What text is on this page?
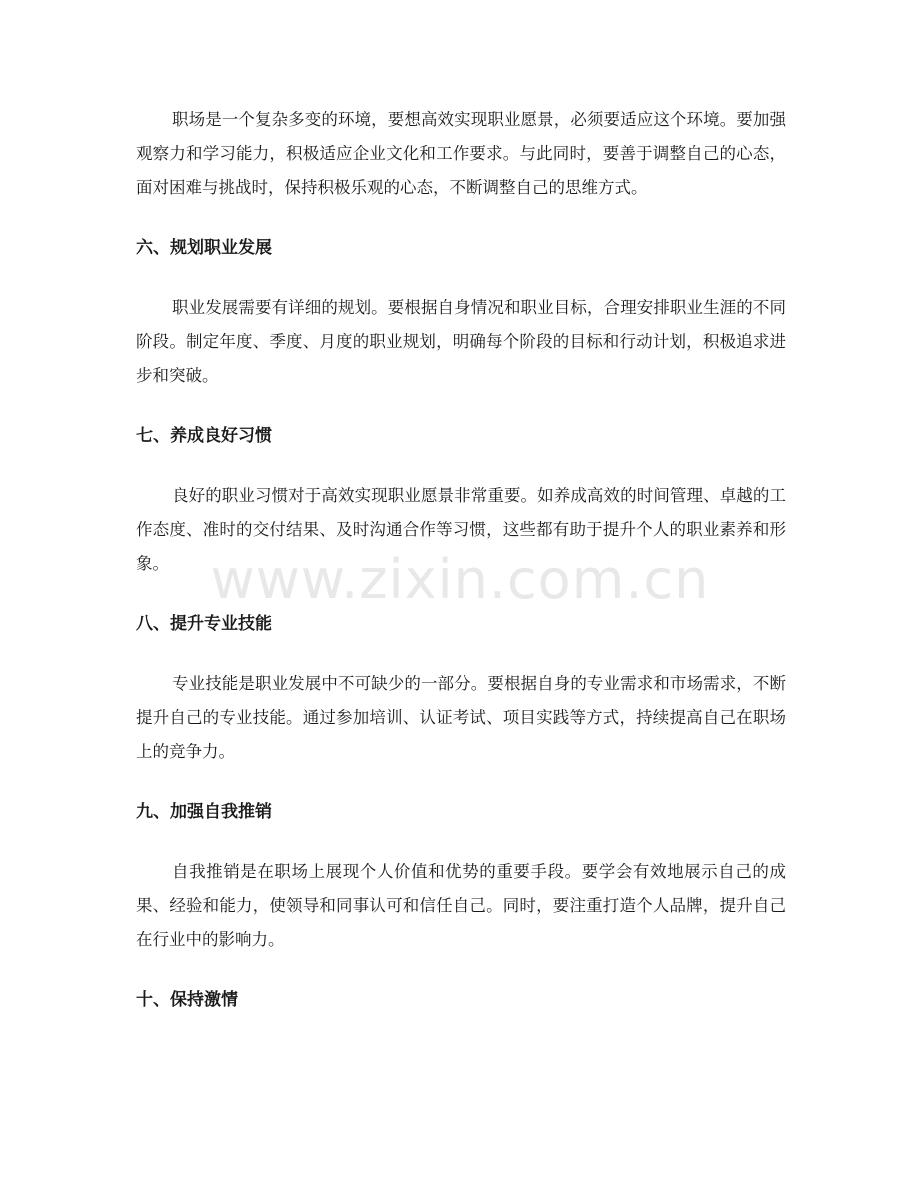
职场是一个复杂多变的环境，要想高效实现职业愿景，必须要适应这个环境。要加强观察力和学习能力，积极适应企业文化和工作要求。与此同时，要善于调整自己的心态，面对困难与挑战时，保持积极乐观的心态，不断调整自己的思维方式。

六、规划职业发展

职业发展需要有详细的规划。要根据自身情况和职业目标，合理安排职业生涯的不同阶段。制定年度、季度、月度的职业规划，明确每个阶段的目标和行动计划，积极追求进步和突破。

七、养成良好习惯

良好的职业习惯对于高效实现职业愿景非常重要。如养成高效的时间管理、卓越的工作态度、准时的交付结果、及时沟通合作等习惯，这些都有助于提升个人的职业素养和形象。

八、提升专业技能

专业技能是职业发展中不可缺少的一部分。要根据自身的专业需求和市场需求，不断提升自己的专业技能。通过参加培训、认证考试、项目实践等方式，持续提高自己在职场上的竞争力。

九、加强自我推销

自我推销是在职场上展现个人价值和优势的重要手段。要学会有效地展示自己的成果、经验和能力，使领导和同事认可和信任自己。同时，要注重打造个人品牌，提升自己在行业中的影响力。

十、保持激情
www.zixin.com.cn
